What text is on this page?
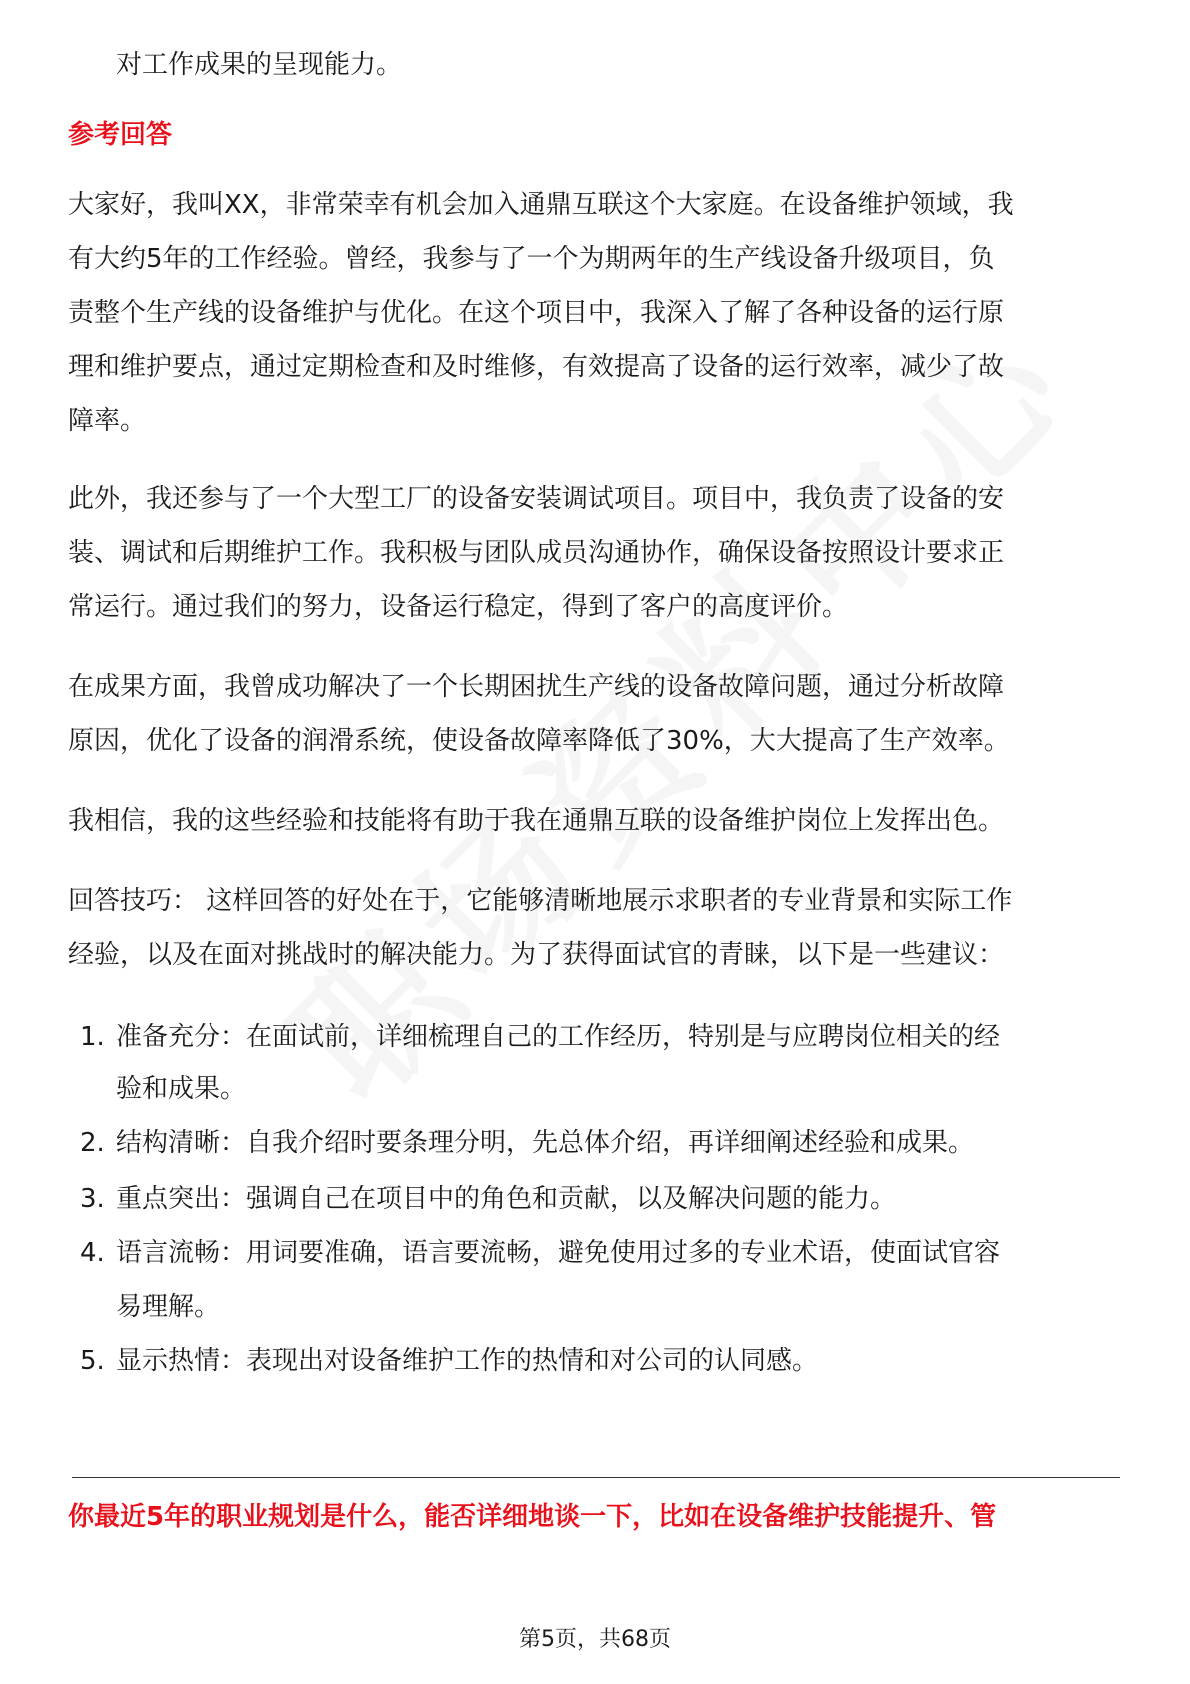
对工作成果的呈现能力。

参考回答

大家好，我叫XX，非常荣幸有机会加入通鼎互联这个大家庭。在设备维护领域，我

有大约5年的工作经验。曾经，我参与了一个为期两年的生产线设备升级项目，负

责整个生产线的设备维护与优化。在这个项目中，我深入了解了各种设备的运行原

理和维护要点，通过定期检查和及时维修，有效提高了设备的运行效率，减少了故

障率。

此外，我还参与了一个大型工厂的设备安装调试项目。项目中，我负责了设备的安

装、调试和后期维护工作。我积极与团队成员沟通协作，确保设备按照设计要求正

常运行。通过我们的努力，设备运行稳定，得到了客户的高度评价。

在成果方面，我曾成功解决了一个长期困扰生产线的设备故障问题，通过分析故障

原因，优化了设备的润滑系统，使设备故障率降低了30%，大大提高了生产效率。

我相信，我的这些经验和技能将有助于我在通鼎互联的设备维护岗位上发挥出色。

回答技巧： 这样回答的好处在于，它能够清晰地展示求职者的专业背景和实际工作

经验，以及在面对挑战时的解决能力。为了获得面试官的青睐，以下是一些建议：

1. 准备充分：在面试前，详细梳理自己的工作经历，特别是与应聘岗位相关的经

验和成果。

2. 结构清晰：自我介绍时要条理分明，先总体介绍，再详细阐述经验和成果。

3. 重点突出：强调自己在项目中的角色和贡献，以及解决问题的能力。

4. 语言流畅：用词要准确，语言要流畅，避免使用过多的专业术语，使面试官容

易理解。

5. 显示热情：表现出对设备维护工作的热情和对公司的认同感。

你最近5年的职业规划是什么，能否详细地谈一下，比如在设备维护技能提升、管

第5页，共68页
